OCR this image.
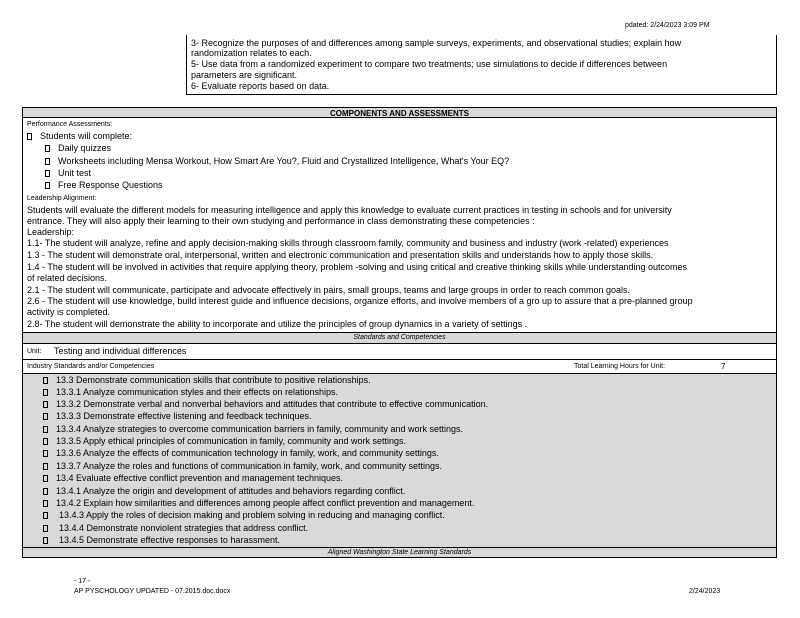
pdated: 2/24/2023 3:09 PM
3- Recognize the purposes of and differences among sample surveys, experiments, and observational studies; explain how
randomization relates to each.
5- Use data from a randomized experiment to compare two treatments; use simulations to decide if differences between
parameters are significant.
6- Evaluate reports based on data.
COMPONENTS AND ASSESSMENTS
Performance Assessments:
Students will complete:
Daily quizzes
Worksheets including Mensa Workout, How Smart Are You?, Fluid and Crystallized Intelligence, What's Your EQ?
Unit test
Free Response Questions
Leadership Alignment:
Students will evaluate the different models for measuring intelligence and apply this knowledge to evaluate current practices in testing in schools and for university
entrance. They will also apply their learning to their own studying and performance in class demonstrating these competencies :
Leadership:
1.1- The student will analyze, refine and apply decision-making skills through classroom family, community and business and industry (work -related) experiences
1.3 - The student will demonstrate oral, interpersonal, written and electronic communication and presentation skills and understands how to apply those skills.
1.4 - The student will be involved in activities that require applying theory, problem -solving and using critical and creative thinking skills while understanding outcomes
of related decisions.
2.1 - The student will communicate, participate and advocate effectively in pairs, small groups, teams and large groups in order to reach common goals.
2.6 - The student will use knowledge, build interest guide and influence decisions, organize efforts, and involve members of a gro up to assure that a pre-planned group
activity is completed.
2.8- The student will demonstrate the ability to incorporate and utilize the principles of group dynamics in a variety of settings .
Standards and Competencies
Unit: Testing and individual differences
Industry Standards and/or Competencies	Total Learning Hours for Unit:	7
13.3 Demonstrate communication skills that contribute to positive relationships.
13.3.1 Analyze communication styles and their effects on relationships.
13.3.2 Demonstrate verbal and nonverbal behaviors and attitudes that contribute to effective communication.
13.3.3 Demonstrate effective listening and feedback techniques.
13.3.4 Analyze strategies to overcome communication barriers in family, community and work settings.
13.3.5 Apply ethical principles of communication in family, community and work settings.
13.3.6 Analyze the effects of communication technology in family, work, and community settings.
13.3.7 Analyze the roles and functions of communication in family, work, and community settings.
13.4 Evaluate effective conflict prevention and management techniques.
13.4.1 Analyze the origin and development of attitudes and behaviors regarding conflict.
13.4.2 Explain how similarities and differences among people affect conflict prevention and management.
13.4.3 Apply the roles of decision making and problem solving in reducing and managing conflict.
13.4.4 Demonstrate nonviolent strategies that address conflict.
13.4.5 Demonstrate effective responses to harassment.
Aligned Washington State Learning Standards
- 17 -
AP PYSCHOLOGY UPDATED - 07.2015.doc.docx	2/24/2023
